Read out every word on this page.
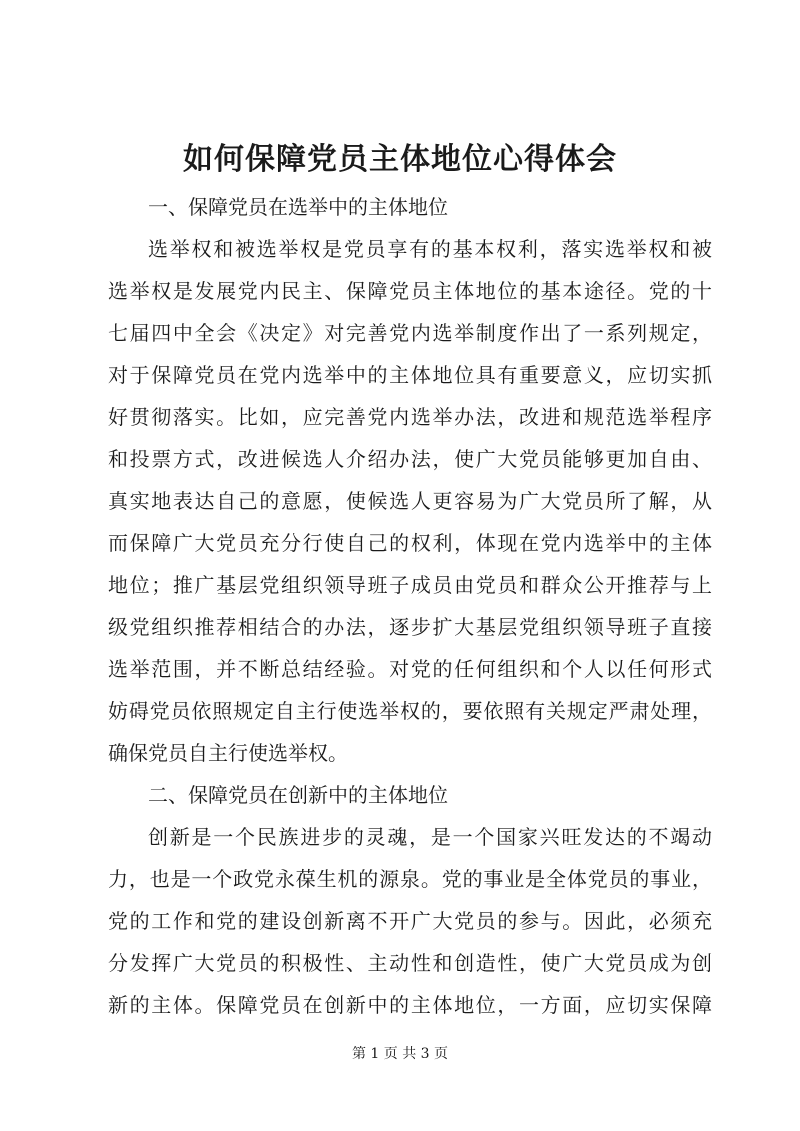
如何保障党员主体地位心得体会

一、保障党员在选举中的主体地位

选举权和被选举权是党员享有的基本权利，落实选举权和被

选举权是发展党内民主、保障党员主体地位的基本途径。党的十

七届四中全会《决定》对完善党内选举制度作出了一系列规定，

对于保障党员在党内选举中的主体地位具有重要意义，应切实抓

好贯彻落实。比如，应完善党内选举办法，改进和规范选举程序

和投票方式，改进候选人介绍办法，使广大党员能够更加自由、

真实地表达自己的意愿，使候选人更容易为广大党员所了解，从

而保障广大党员充分行使自己的权利，体现在党内选举中的主体

地位；推广基层党组织领导班子成员由党员和群众公开推荐与上

级党组织推荐相结合的办法，逐步扩大基层党组织领导班子直接

选举范围，并不断总结经验。对党的任何组织和个人以任何形式

妨碍党员依照规定自主行使选举权的，要依照有关规定严肃处理，

确保党员自主行使选举权。

二、保障党员在创新中的主体地位

创新是一个民族进步的灵魂，是一个国家兴旺发达的不竭动

力，也是一个政党永葆生机的源泉。党的事业是全体党员的事业，

党的工作和党的建设创新离不开广大党员的参与。因此，必须充

分发挥广大党员的积极性、主动性和创造性，使广大党员成为创

新的主体。保障党员在创新中的主体地位，一方面，应切实保障

第 1 页 共 3 页
